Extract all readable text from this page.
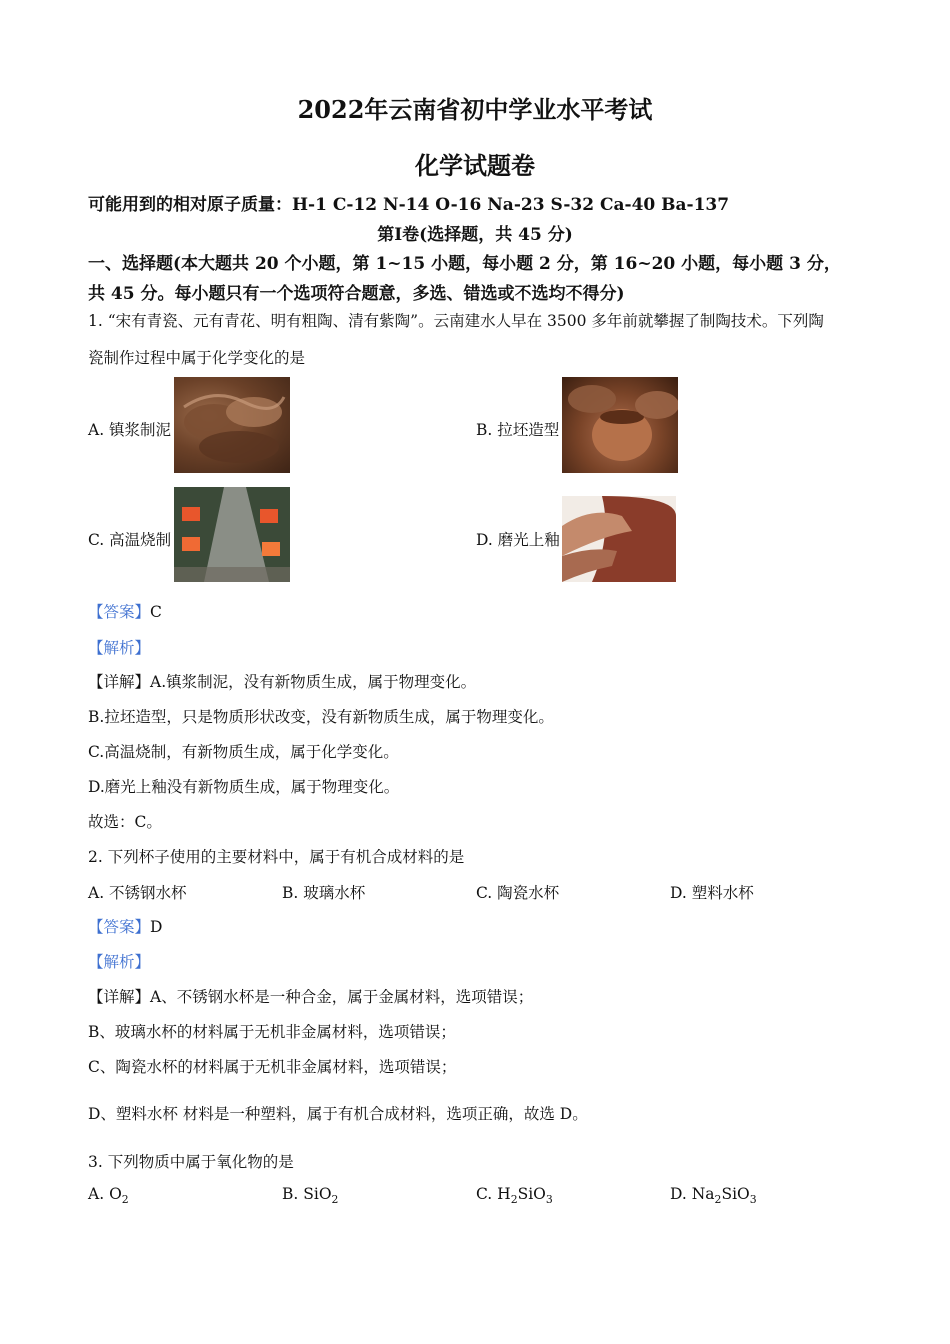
2022年云南省初中学业水平考试
化学试题卷
可能用到的相对原子质量：H-1 C-12 N-14 O-16 Na-23 S-32 Ca-40 Ba-137
第Ⅰ卷(选择题，共 45 分)
一、选择题(本大题共 20 个小题，第 1~15 小题，每小题 2 分，第 16~20 小题，每小题 3 分，
共 45 分。每小题只有一个选项符合题意，多选、错选或不选均不得分)
1. “宋有青瓷、元有青花、明有粗陶、清有紫陶”。云南建水人早在 3500 多年前就攀握了制陶技术。下列陶
瓷制作过程中属于化学变化的是
A. 镇浆制泥	B. 拉坯造型
C. 高温烧制	D. 磨光上釉
【答案】C
【解析】
【详解】A.镇浆制泥，没有新物质生成，属于物理变化。
B.拉坯造型，只是物质形状改变，没有新物质生成，属于物理变化。
C.高温烧制，有新物质生成，属于化学变化。
D.磨光上釉没有新物质生成，属于物理变化。
故选：C。
2. 下列杯子使用的主要材料中，属于有机合成材料的是
A. 不锈钢水杯	B. 玻璃水杯	C. 陶瓷水杯	D. 塑料水杯
【答案】D
【解析】
【详解】A、不锈钢水杯是一种合金，属于金属材料，选项错误；
B、玻璃水杯的材料属于无机非金属材料，选项错误；
C、陶瓷水杯的材料属于无机非金属材料，选项错误；
D、塑料水杯 材料是一种塑料，属于有机合成材料，选项正确，故选 D。
3. 下列物质中属于氧化物的是
A. $O_2$	B. SiO$_2$	C. $H_2SiO_3$	D. $Na_2SiO_3$
